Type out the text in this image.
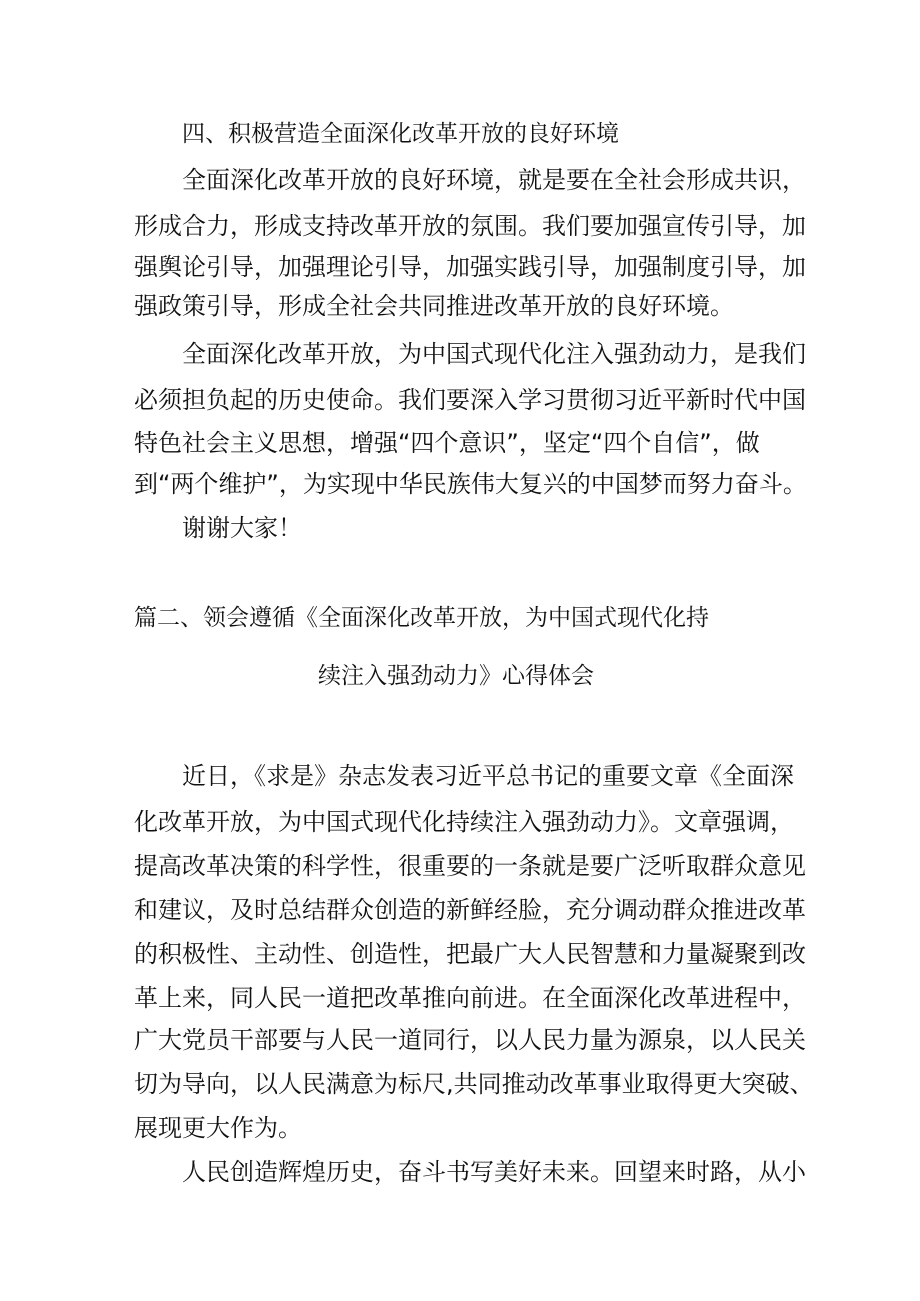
四、积极营造全面深化改革开放的良好环境
全面深化改革开放的良好环境，就是要在全社会形成共识，
形成合力，形成支持改革开放的氛围。我们要加强宣传引导，加
强舆论引导，加强理论引导，加强实践引导，加强制度引导，加
强政策引导，形成全社会共同推进改革开放的良好环境。
全面深化改革开放，为中国式现代化注入强劲动力，是我们
必须担负起的历史使命。我们要深入学习贯彻习近平新时代中国
特色社会主义思想，增强“四个意识”，坚定“四个自信”，做
到“两个维护”，为实现中华民族伟大复兴的中国梦而努力奋斗。
谢谢大家！
篇二、领会遵循《全面深化改革开放，为中国式现代化持
续注入强劲动力》心得体会
近日，《求是》杂志发表习近平总书记的重要文章《全面深
化改革开放，为中国式现代化持续注入强劲动力》。文章强调，
提高改革决策的科学性，很重要的一条就是要广泛听取群众意见
和建议，及时总结群众创造的新鲜经脸，充分调动群众推进改革
的积极性、主动性、创造性，把最广大人民智慧和力量凝聚到改
革上来，同人民一道把改革推向前进。在全面深化改革进程中，
广大党员干部要与人民一道同行，以人民力量为源泉，以人民关
切为导向，以人民满意为标尺,共同推动改革事业取得更大突破、
展现更大作为。
人民创造辉煌历史，奋斗书写美好未来。回望来时路，从小
